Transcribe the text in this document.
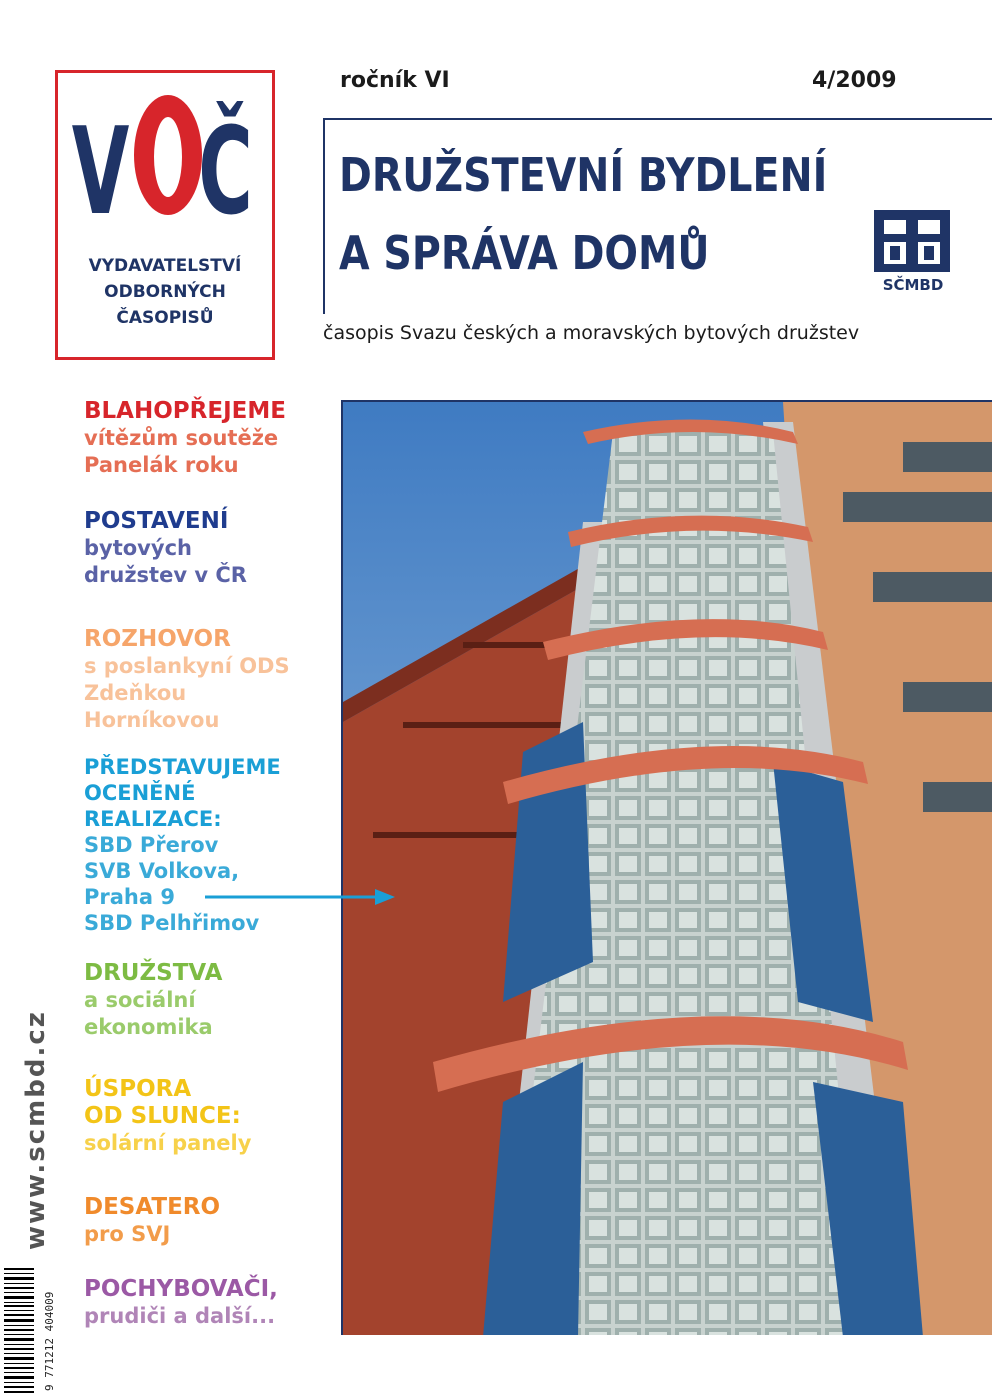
V Č
VYDAVATELSTVÍ
ODBORNÝCH
ČASOPISŮ
ročník VI	4/2009
DRUŽSTEVNÍ BYDLENÍ
A SPRÁVA DOMŮ
SČMBD
časopis Svazu českých a moravských bytových družstev
BLAHOPŘEJEME
vítězům soutěže
Panelák roku
POSTAVENÍ
bytových
družstev v ČR
ROZHOVOR
s poslankyní ODS
Zdeňkou
Horníkovou
PŘEDSTAVUJEME
OCENĚNÉ
REALIZACE:
SBD Přerov
SVB Volkova,
Praha 9
SBD Pelhřimov
DRUŽSTVA
a sociální
ekonomika
ÚSPORA
OD SLUNCE:
solární panely
DESATERO
pro SVJ
POCHYBOVAČI,
prudiči a další...
www.scmbd.cz
9 771212 404009
